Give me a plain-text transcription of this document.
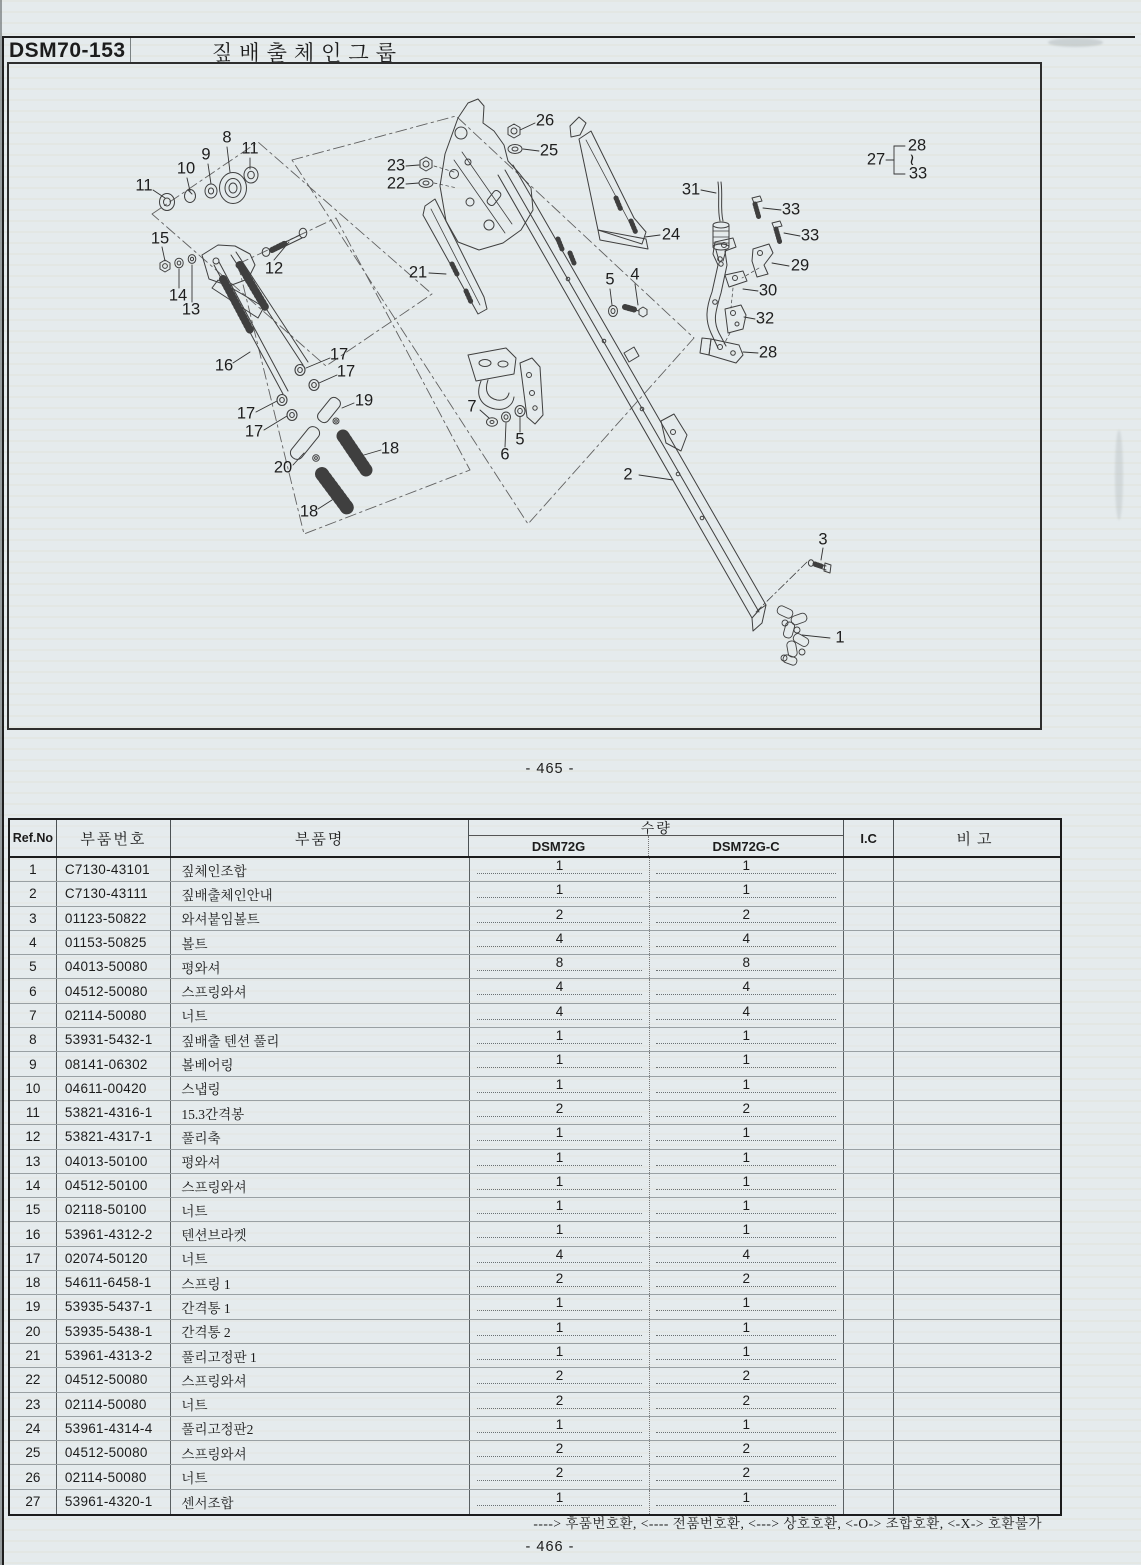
DSM70-153	짚배출체인그룹
1
2
3
4
5
5
6
7
8
9
10
11
11
12
13
14
15
16
17
17
17
17
18
18
19
20
21
22
23
24
25
26
27
28
≀
33
28
29
30
31
32
33
33
- 465 -
Ref.No	부품번호	부품명
수량
DSM72G	DSM72G-C
I.C	비고
1	C7130-43101	짚체인조합	1	1
2	C7130-43111	짚배출체인안내	1	1
3	01123-50822	와셔붙임볼트	2	2
4	01153-50825	볼트	4	4
5	04013-50080	평와셔	8	8
6	04512-50080	스프링와셔	4	4
7	02114-50080	너트	4	4
8	53931-5432-1	짚배출 텐션 풀리	1	1
9	08141-06302	볼베어링	1	1
10	04611-00420	스냅링	1	1
11	53821-4316-1	15.3간격봉	2	2
12	53821-4317-1	풀리축	1	1
13	04013-50100	평와셔	1	1
14	04512-50100	스프링와셔	1	1
15	02118-50100	너트	1	1
16	53961-4312-2	텐션브라켓	1	1
17	02074-50120	너트	4	4
18	54611-6458-1	스프링 1	2	2
19	53935-5437-1	간격통 1	1	1
20	53935-5438-1	간격통 2	1	1
21	53961-4313-2	풀리고정판 1	1	1
22	04512-50080	스프링와셔	2	2
23	02114-50080	너트	2	2
24	53961-4314-4	풀리고정판2	1	1
25	04512-50080	스프링와셔	2	2
26	02114-50080	너트	2	2
27	53961-4320-1	센서조합	1	1
----> 후품번호환, <---- 전품번호환, <---> 상호호환, <-O-> 조합호환, <-X-> 호환불가
- 466 -
